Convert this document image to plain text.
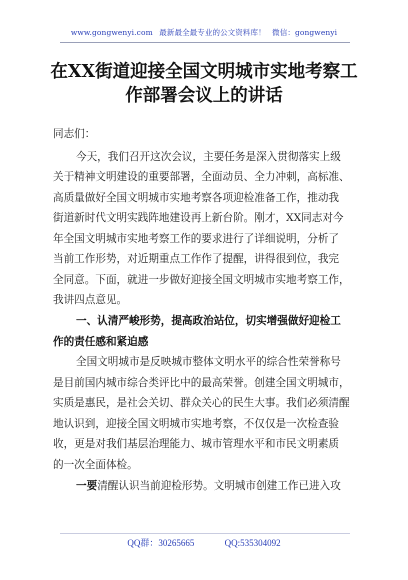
www.gongwenyi.com 最新最全最专业的公文资料库！ 微信：gongwenyi
在XX街道迎接全国文明城市实地考察工作部署会议上的讲话
同志们：
今天，我们召开这次会议，主要任务是深入贯彻落实上级
关于精神文明建设的重要部署，全面动员、全力冲刺，高标准、
高质量做好全国文明城市实地考察各项迎检准备工作，推动我
街道新时代文明实践阵地建设再上新台阶。刚才，XX同志对今
年全国文明城市实地考察工作的要求进行了详细说明，分析了
当前工作形势，对近期重点工作作了提醒，讲得很到位，我完
全同意。下面，就进一步做好迎接全国文明城市实地考察工作，
我讲四点意见。
一、认清严峻形势，提高政治站位，切实增强做好迎检工
作的责任感和紧迫感
全国文明城市是反映城市整体文明水平的综合性荣誉称号
是目前国内城市综合类评比中的最高荣誉。创建全国文明城市，
实质是惠民，是社会关切、群众关心的民生大事。我们必须清醒
地认识到，迎接全国文明城市实地考察，不仅仅是一次检查验
收，更是对我们基层治理能力、城市管理水平和市民文明素质
的一次全面体检。
一要清醒认识当前迎检形势。文明城市创建工作已进入攻
QQ群：30265665	QQ:535304092
